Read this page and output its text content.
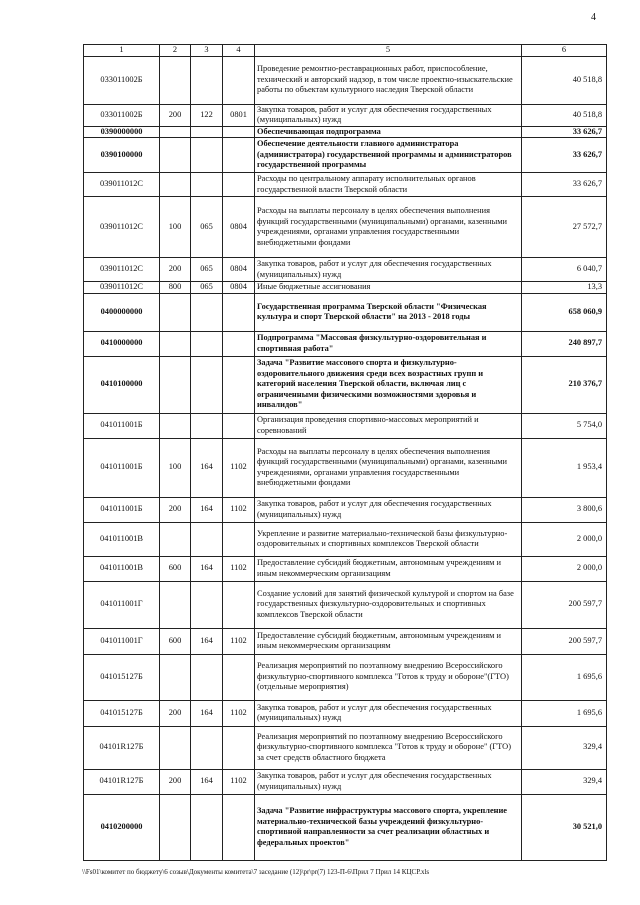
4
1	2	3	4	5	6
033011002Б				Проведение ремонтно-реставрационных работ, приспособление, технический и авторский надзор, в том числе проектно-изыскательские работы по объектам культурного наследия Тверской области	40 518,8
033011002Б	200	122	0801	Закупка товаров, работ и услуг для обеспечения государственных (муниципальных) нужд	40 518,8
0390000000				Обеспечивающая подпрограмма	33 626,7
0390100000				Обеспечение деятельности главного администратора (администратора) государственной программы и администраторов государственной программы	33 626,7
039011012С				Расходы по центральному аппарату исполнительных органов государственной власти Тверской области	33 626,7
039011012С	100	065	0804	Расходы на выплаты персоналу в целях обеспечения выполнения функций государственными (муниципальными) органами, казенными учреждениями, органами управления государственными внебюджетными фондами	27 572,7
039011012С	200	065	0804	Закупка товаров, работ и услуг для обеспечения государственных (муниципальных) нужд	6 040,7
039011012С	800	065	0804	Иные бюджетные ассигнования	13,3
0400000000				Государственная программа Тверской области "Физическая культура и спорт Тверской области" на 2013 - 2018 годы	658 060,9
0410000000				Подпрограмма "Массовая физкультурно-оздоровительная и спортивная работа"	240 897,7
0410100000				Задача "Развитие массового спорта и физкультурно-оздоровительного движения среди всех возрастных групп и категорий населения Тверской области, включая лиц с ограниченными физическими возможностями здоровья и инвалидов"	210 376,7
041011001Б				Организация проведения спортивно-массовых мероприятий и соревнований	5 754,0
041011001Б	100	164	1102	Расходы на выплаты персоналу в целях обеспечения выполнения функций государственными (муниципальными) органами, казенными учреждениями, органами управления государственными внебюджетными фондами	1 953,4
041011001Б	200	164	1102	Закупка товаров, работ и услуг для обеспечения государственных (муниципальных) нужд	3 800,6
041011001В				Укрепление и развитие материально-технической базы физкультурно-оздоровительных и спортивных комплексов Тверской области	2 000,0
041011001В	600	164	1102	Предоставление субсидий бюджетным, автономным учреждениям и иным некоммерческим организациям	2 000,0
041011001Г				Создание условий для занятий физической культурой и спортом на базе государственных физкультурно-оздоровительных и спортивных комплексов Тверской области	200 597,7
041011001Г	600	164	1102	Предоставление субсидий бюджетным, автономным учреждениям и иным некоммерческим организациям	200 597,7
041015127Б				Реализация мероприятий по поэтапному внедрению Всероссийского физкультурно-спортивного комплекса "Готов к труду и обороне"(ГТО) (отдельные мероприятия)	1 695,6
041015127Б	200	164	1102	Закупка товаров, работ и услуг для обеспечения государственных (муниципальных) нужд	1 695,6
04101R127Б				Реализация мероприятий по поэтапному внедрению Всероссийского физкультурно-спортивного комплекса "Готов к труду и обороне" (ГТО) за счет средств областного бюджета	329,4
04101R127Б	200	164	1102	Закупка товаров, работ и услуг для обеспечения государственных (муниципальных) нужд	329,4
0410200000				Задача "Развитие инфраструктуры массового спорта, укрепление материально-технической базы учреждений физкультурно-спортивной направленности за счет реализации областных и федеральных проектов"	30 521,0
\\Fs01\комитет по бюджету\6 созыв\Документы комитета\7 заседание (12)\pr\pr(7) 123-П-6\Прил 7 Прил 14 КЦСР.xls
